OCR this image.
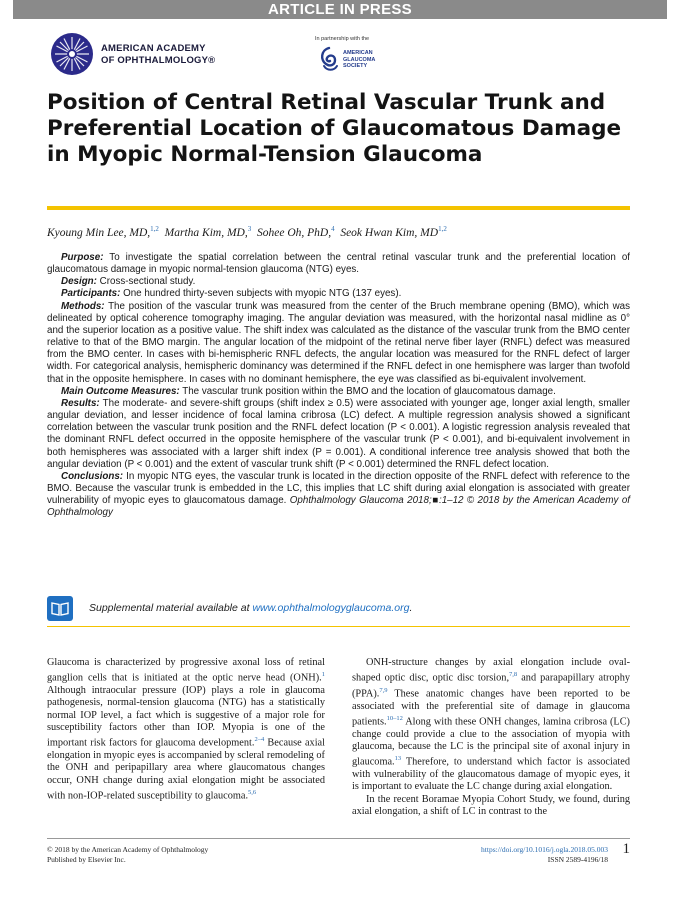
ARTICLE IN PRESS
AMERICAN ACADEMY
OF OPHTHALMOLOGY®
In partnership with the
AMERICAN
GLAUCOMA
SOCIETY
Position of Central Retinal Vascular Trunk and Preferential Location of Glaucomatous Damage in Myopic Normal-Tension Glaucoma
Kyoung Min Lee, MD,$^{1,2}$ Martha Kim, MD,$^3$ Sohee Oh, PhD,$^4$ Seok Hwan Kim, MD$^{1,2}$

Purpose: To investigate the spatial correlation between the central retinal vascular trunk and the preferential location of glaucomatous damage in myopic normal-tension glaucoma (NTG) eyes.

Design: Cross-sectional study.

Participants: One hundred thirty-seven subjects with myopic NTG (137 eyes).

Methods: The position of the vascular trunk was measured from the center of the Bruch membrane opening (BMO), which was delineated by optical coherence tomography imaging. The angular deviation was measured, with the horizontal nasal midline as 0° and the superior location as a positive value. The shift index was calculated as the distance of the vascular trunk from the BMO center relative to that of the BMO margin. The angular location of the midpoint of the retinal nerve fiber layer (RNFL) defect was measured from the BMO center. In cases with bi-hemispheric RNFL defects, the angular location was measured for the RNFL defect of larger width. For categorical analysis, hemispheric dominancy was determined if the RNFL defect in one hemisphere was larger than twofold that in the opposite hemisphere. In cases with no dominant hemisphere, the eye was classified as bi-equivalent involvement.

Main Outcome Measures: The vascular trunk position within the BMO and the location of glaucomatous damage.

Results: The moderate- and severe-shift groups (shift index ≥ 0.5) were associated with younger age, longer axial length, smaller angular deviation, and lesser incidence of focal lamina cribrosa (LC) defect. A multiple regression analysis showed a significant correlation between the vascular trunk position and the RNFL defect location (P < 0.001). A logistic regression analysis revealed that the dominant RNFL defect occurred in the opposite hemisphere of the vascular trunk (P < 0.001), and bi-equivalent involvement in both hemispheres was associated with a larger shift index (P = 0.001). A conditional inference tree analysis showed that both the angular deviation (P < 0.001) and the extent of vascular trunk shift (P < 0.001) determined the RNFL defect location.

Conclusions: In myopic NTG eyes, the vascular trunk is located in the direction opposite of the RNFL defect with reference to the BMO. Because the vascular trunk is embedded in the LC, this implies that LC shift during axial elongation is associated with greater vulnerability of myopic eyes to glaucomatous damage. Ophthalmology Glaucoma 2018;■:1–12 © 2018 by the American Academy of Ophthalmology

Supplemental material available at www.ophthalmologyglaucoma.org.

Glaucoma is characterized by progressive axonal loss of retinal ganglion cells that is initiated at the optic nerve head (ONH).$^1$ Although intraocular pressure (IOP) plays a role in glaucoma pathogenesis, normal-tension glaucoma (NTG) has a statistically normal IOP level, a fact which is suggestive of a major role for susceptibility factors other than IOP. Myopia is one of the important risk factors for glaucoma development.$^{2-4}$ Because axial elongation in myopic eyes is accompanied by scleral remodeling of the ONH and peripapillary area where glaucomatous changes occur, ONH change during axial elongation might be associated with non-IOP-related susceptibility to glaucoma.$^{5,6}$

ONH-structure changes by axial elongation include oval-shaped optic disc, optic disc torsion,$^{7,8}$ and parapapillary atrophy (PPA).$^{7,9}$ These anatomic changes have been reported to be associated with the preferential site of damage in glaucoma patients.$^{10-12}$ Along with these ONH changes, lamina cribrosa (LC) change could provide a clue to the association of myopia with glaucoma, because the LC is the principal site of axonal injury in glaucoma.$^{13}$ Therefore, to understand which factor is associated with vulnerability of the glaucomatous damage of myopic eyes, it is important to evaluate the LC change during axial elongation.

In the recent Boramae Myopia Cohort Study, we found, during axial elongation, a shift of LC in contrast to the

© 2018 by the American Academy of Ophthalmology
Published by Elsevier Inc.
https://doi.org/10.1016/j.ogla.2018.05.003
ISSN 2589-4196/18
1
